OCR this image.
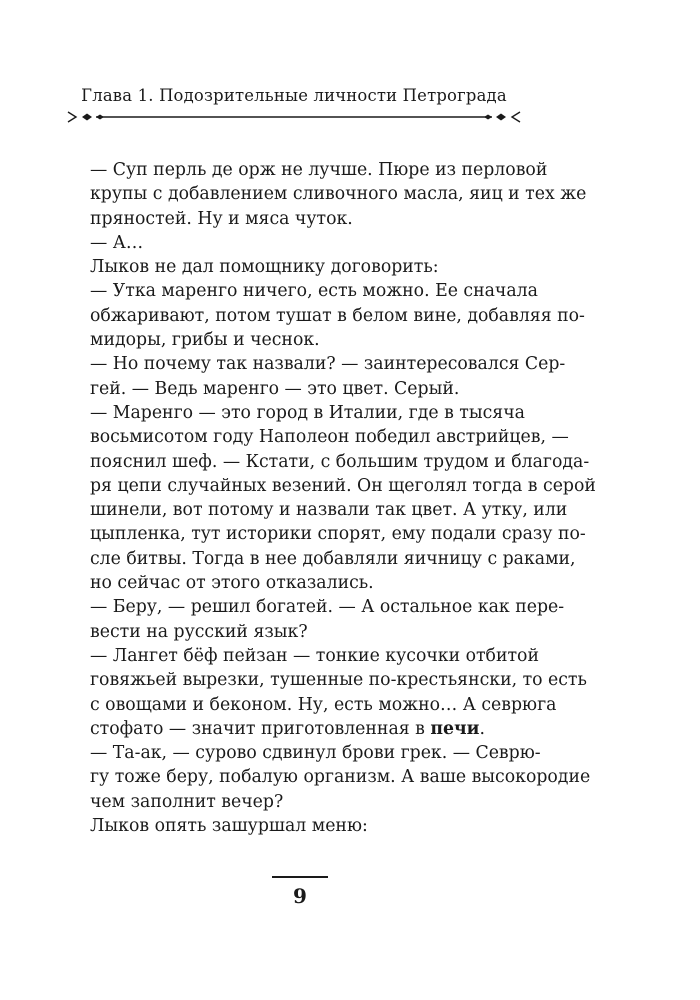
Глава 1. Подозрительные личности Петрограда
— Суп перль де орж не лучше. Пюре из перловой
крупы с добавлением сливочного масла, яиц и тех же
пряностей. Ну и мяса чуток.
— А…
Лыков не дал помощнику договорить:
— Утка маренго ничего, есть можно. Ее сначала
обжаривают, потом тушат в белом вине, добавляя по-
мидоры, грибы и чеснок.
— Но почему так назвали? — заинтересовался Сер-
гей. — Ведь маренго — это цвет. Серый.
— Маренго — это город в Италии, где в тысяча
восьмисотом году Наполеон победил австрийцев, —
пояснил шеф. — Кстати, с большим трудом и благода-
ря цепи случайных везений. Он щеголял тогда в серой
шинели, вот потому и назвали так цвет. А утку, или
цыпленка, тут историки спорят, ему подали сразу по-
сле битвы. Тогда в нее добавляли яичницу с раками,
но сейчас от этого отказались.
— Беру, — решил богатей. — А остальное как пере-
вести на русский язык?
— Лангет бёф пейзан — тонкие кусочки отбитой
говяжьей вырезки, тушенные по-крестьянски, то есть
с овощами и беконом. Ну, есть можно… А севрюга
стофато — значит приготовленная в печи.
— Та-ак, — сурово сдвинул брови грек. — Севрю-
гу тоже беру, побалую организм. А ваше высокородие
чем заполнит вечер?
Лыков опять зашуршал меню:
9
